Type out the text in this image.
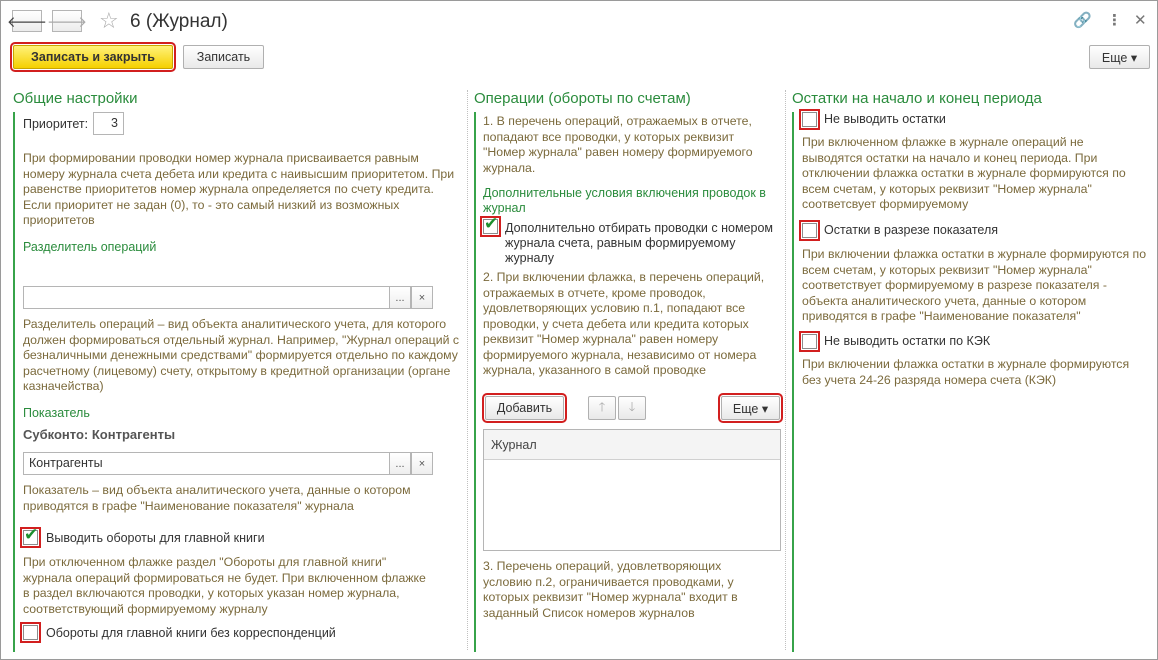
🡐 🡒 ☆ 6 (Журнал)	🔗 ⋮ ✕
Записать и закрыть	Записать	Еще ▾
Общие настройки
Приоритет:	3
При формировании проводки номер журнала присваивается равным номеру журнала счета дебета или кредита с наивысшим приоритетом. При равенстве приоритетов номер журнала определяется по счету кредита. Если приоритет не задан (0), то - это самый низкий из возможных приоритетов
Разделитель операций
...	×
Разделитель операций – вид объекта аналитического учета, для которого должен формироваться отдельный журнал. Например, "Журнал операций с безналичными денежными средствами" формируется отдельно по каждому расчетному (лицевому) счету, открытому в кредитной организации (органе казначейства)
Показатель
Субконто: Контрагенты
Контрагенты	...	×
Показатель – вид объекта аналитического учета, данные о котором приводятся в графе "Наименование показателя" журнала
✔ Выводить обороты для главной книги
При отключенном флажке раздел "Обороты для главной книги" журнала операций формироваться не будет. При включенном флажке в раздел включаются проводки, у которых указан номер журнала, соответствующий формируемому журналу
Обороты для главной книги без корреспонденций
Операции (обороты по счетам)
1. В перечень операций, отражаемых в отчете, попадают все проводки, у которых реквизит "Номер журнала" равен номеру формируемого журнала.
Дополнительные условия включения проводок в журнал
✔ Дополнительно отбирать проводки с номером журнала счета, равным формируемому журналу
2. При включении флажка, в перечень операций, отражаемых в отчете, кроме проводок, удовлетворяющих условию п.1, попадают все проводки, у счета дебета или кредита которых реквизит "Номер журнала" равен номеру формируемого журнала, независимо от номера журнала, указанного в самой проводке
Добавить	🡑 🡓	Еще ▾
Журнал
3. Перечень операций, удовлетворяющих условию п.2, ограничивается проводками, у которых реквизит "Номер журнала" входит в заданный Список номеров журналов
Остатки на начало и конец периода
Не выводить остатки
При включенном флажке в журнале операций не выводятся остатки на начало и конец периода. При отключении флажка остатки в журнале формируются по всем счетам, у которых реквизит "Номер журнала" соответсвует формируемому
Остатки в разрезе показателя
При включении флажка остатки в журнале формируются по всем счетам, у которых реквизит "Номер журнала" соответствует формируемому в разрезе показателя - объекта аналитического учета, данные о котором приводятся в графе "Наименование показателя"
Не выводить остатки по КЭК
При включении флажка остатки в журнале формируются без учета 24-26 разряда номера счета (КЭК)
